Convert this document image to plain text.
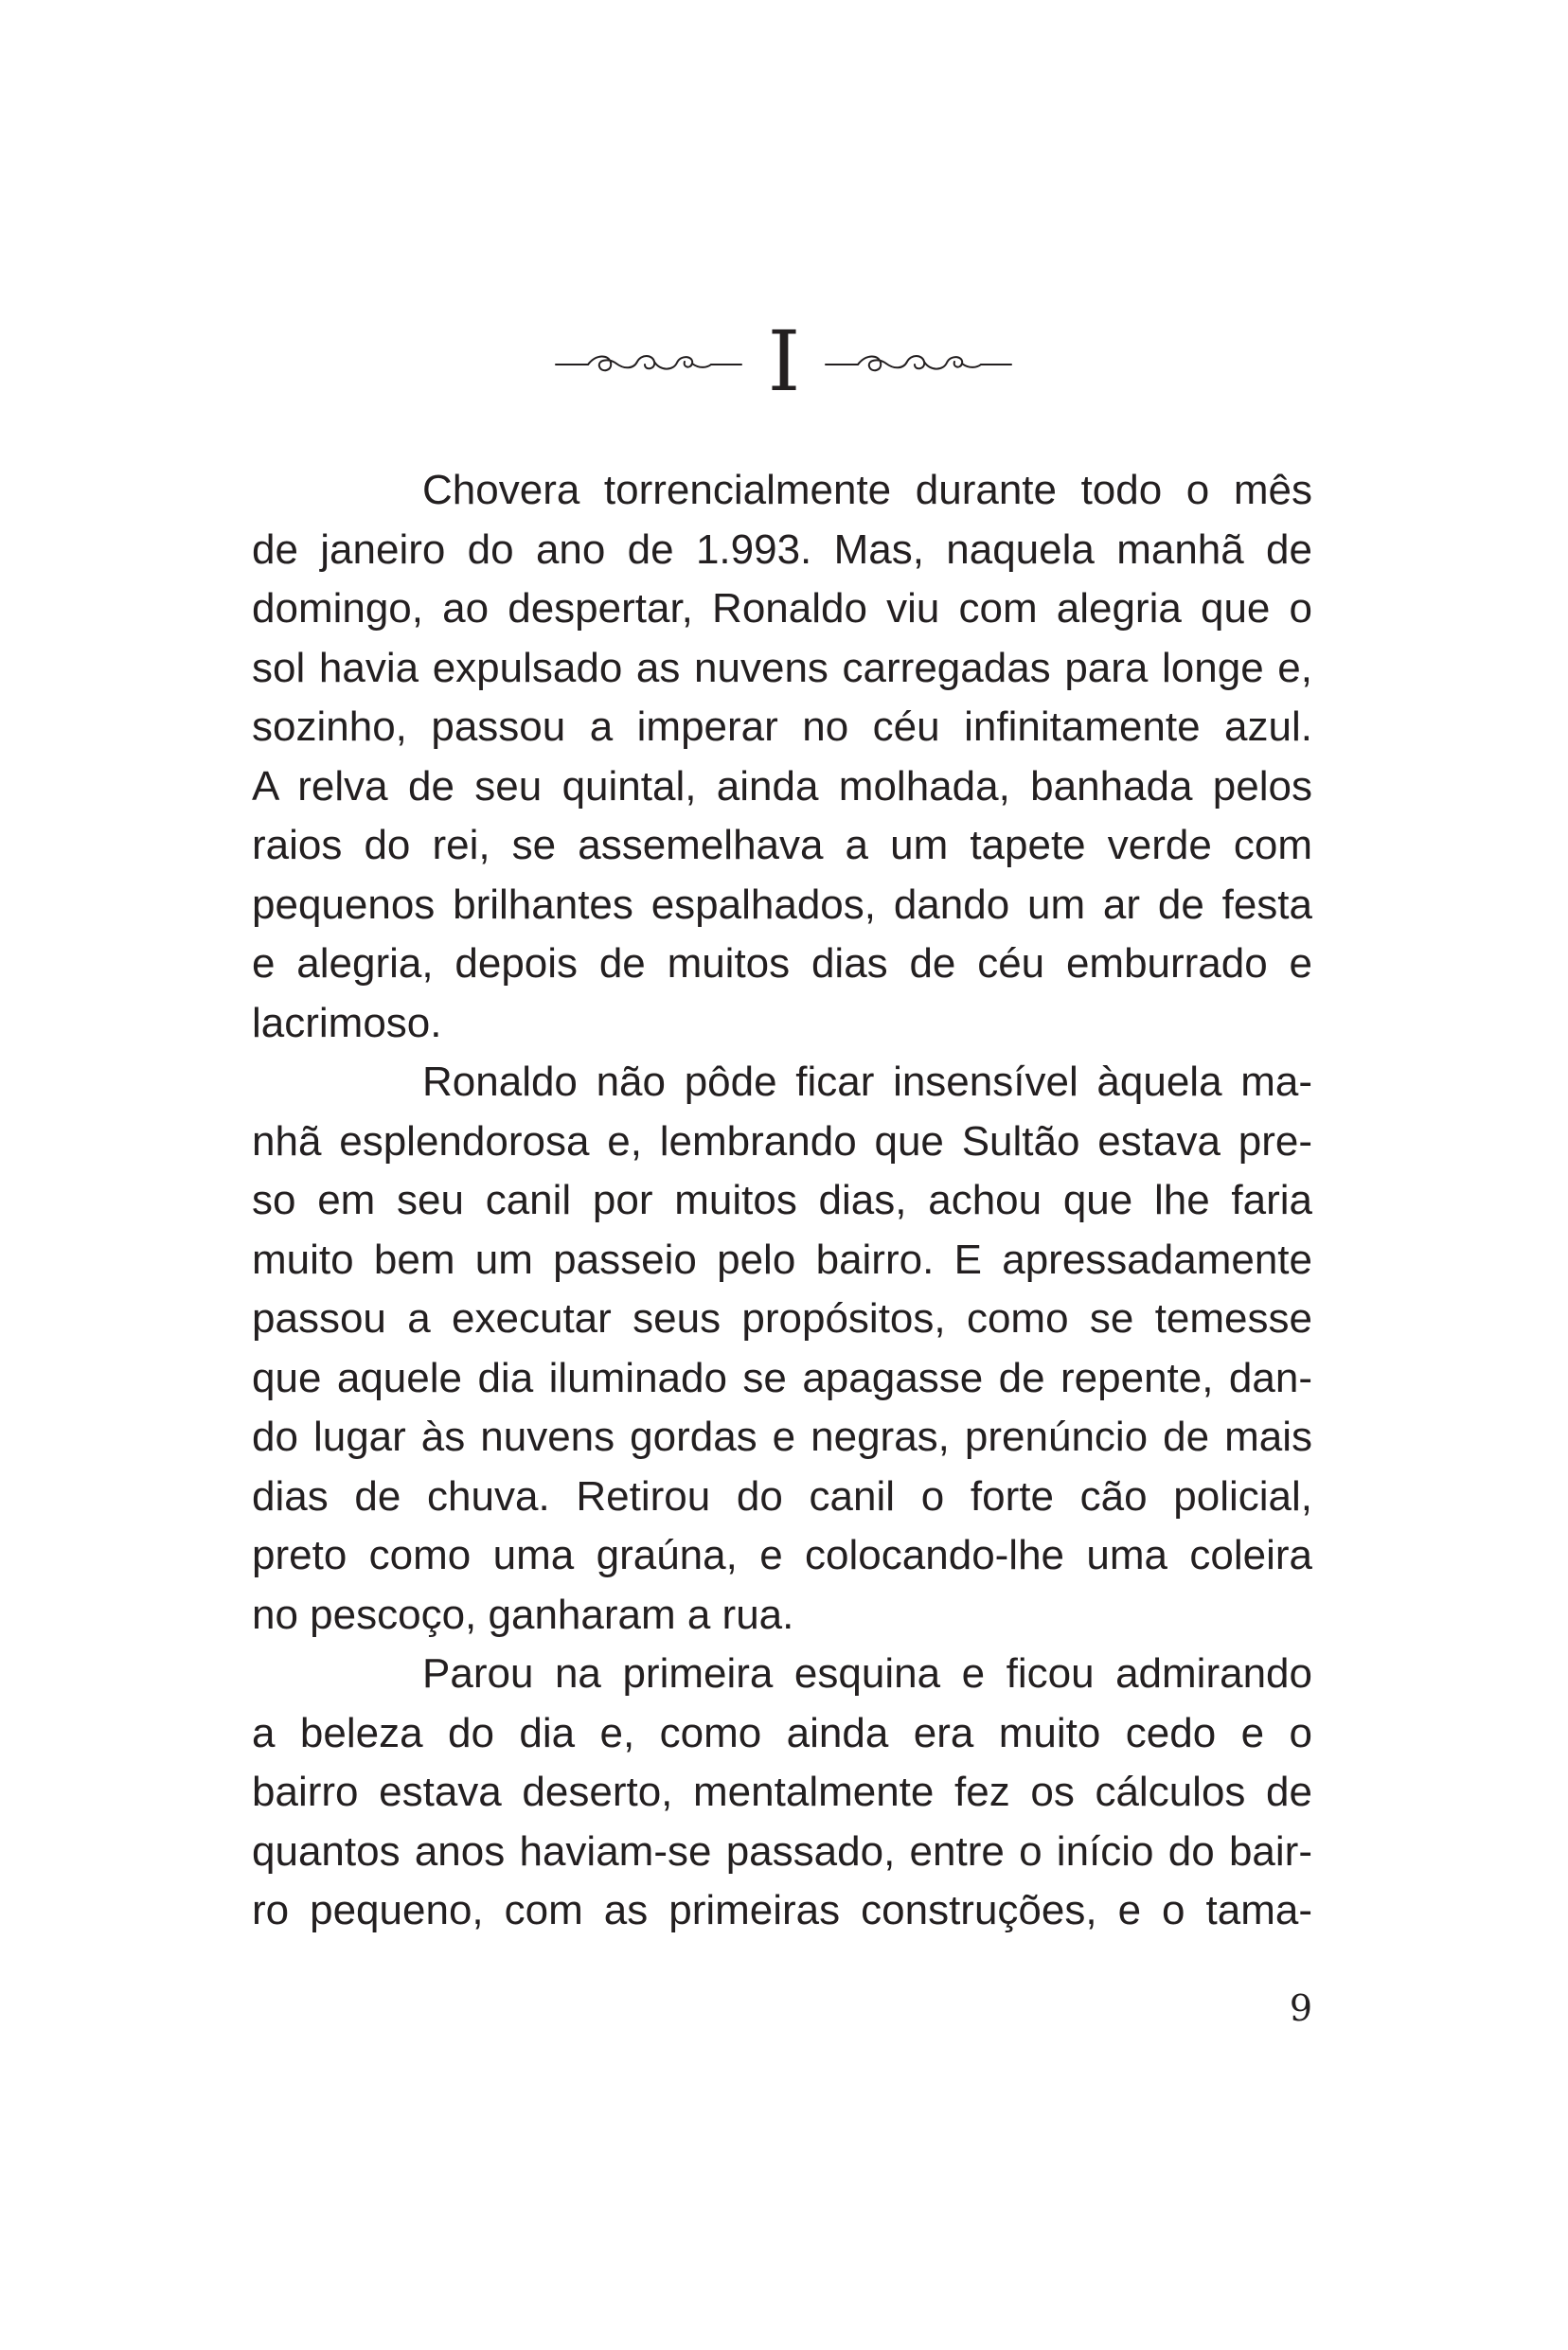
I
Chovera torrencialmente durante todo o mês
de janeiro do ano de 1.993. Mas, naquela manhã de
domingo, ao despertar, Ronaldo viu com alegria que o
sol havia expulsado as nuvens carregadas para longe e,
sozinho, passou a imperar no céu infinitamente azul.
A relva de seu quintal, ainda molhada, banhada pelos
raios do rei, se assemelhava a um tapete verde com
pequenos brilhantes espalhados, dando um ar de festa
e alegria, depois de muitos dias de céu emburrado e
lacrimoso.
Ronaldo não pôde ficar insensível àquela ma-
nhã esplendorosa e, lembrando que Sultão estava pre-
so em seu canil por muitos dias, achou que lhe faria
muito bem um passeio pelo bairro. E apressadamente
passou a executar seus propósitos, como se temesse
que aquele dia iluminado se apagasse de repente, dan-
do lugar às nuvens gordas e negras, prenúncio de mais
dias de chuva. Retirou do canil o forte cão policial,
preto como uma graúna, e colocando-lhe uma coleira
no pescoço, ganharam a rua.
Parou na primeira esquina e ficou admirando
a beleza do dia e, como ainda era muito cedo e o
bairro estava deserto, mentalmente fez os cálculos de
quantos anos haviam-se passado, entre o início do bair-
ro pequeno, com as primeiras construções, e o tama-
9
